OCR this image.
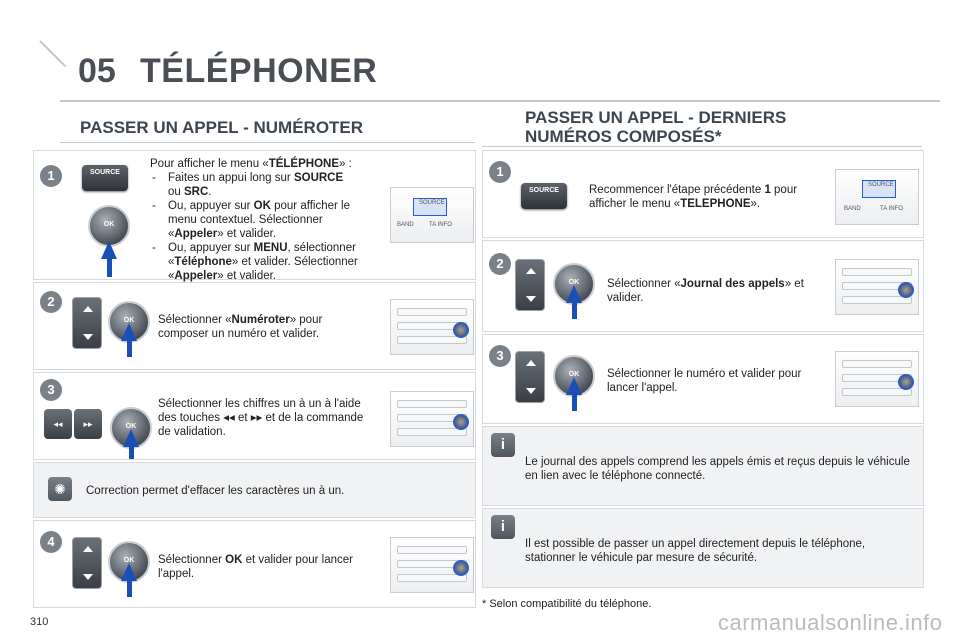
05 TÉLÉPHONER
PASSER UN APPEL - NUMÉROTER
PASSER UN APPEL - DERNIERS
NUMÉROS COMPOSÉS*
1	SOURCE
OK
Pour afficher le menu «TÉLÉPHONE» :
- Faites un appui long sur SOURCE
ou SRC.
- Ou, appuyer sur OK pour afficher le menu contextuel. Sélectionner «Appeler» et valider.
- Ou, appuyer sur MENU, sélectionner «Téléphone» et valider. Sélectionner «Appeler» et valider.
SOURCE
BAND	TA INFO
2
OK	Sélectionner «Numéroter» pour composer un numéro et valider.
3
◂◂	▸▸	OK
Sélectionner les chiffres un à un à l'aide des touches ◂◂ et ▸▸ et de la commande de validation.
✺	Correction permet d'effacer les caractères un à un.
4
OK	Sélectionner OK et valider pour lancer l'appel.
1
SOURCE	Recommencer l'étape précédente 1 pour afficher le menu «TELEPHONE».
SOURCE
BAND	TA INFO
2
OK	Sélectionner «Journal des appels» et valider.
3
OK	Sélectionner le numéro et valider pour lancer l'appel.
i
Le journal des appels comprend les appels émis et reçus depuis le véhicule en lien avec le téléphone connecté.
i
Il est possible de passer un appel directement depuis le téléphone, stationner le véhicule par mesure de sécurité.
* Selon compatibilité du téléphone.
310	carmanualsonline.info
